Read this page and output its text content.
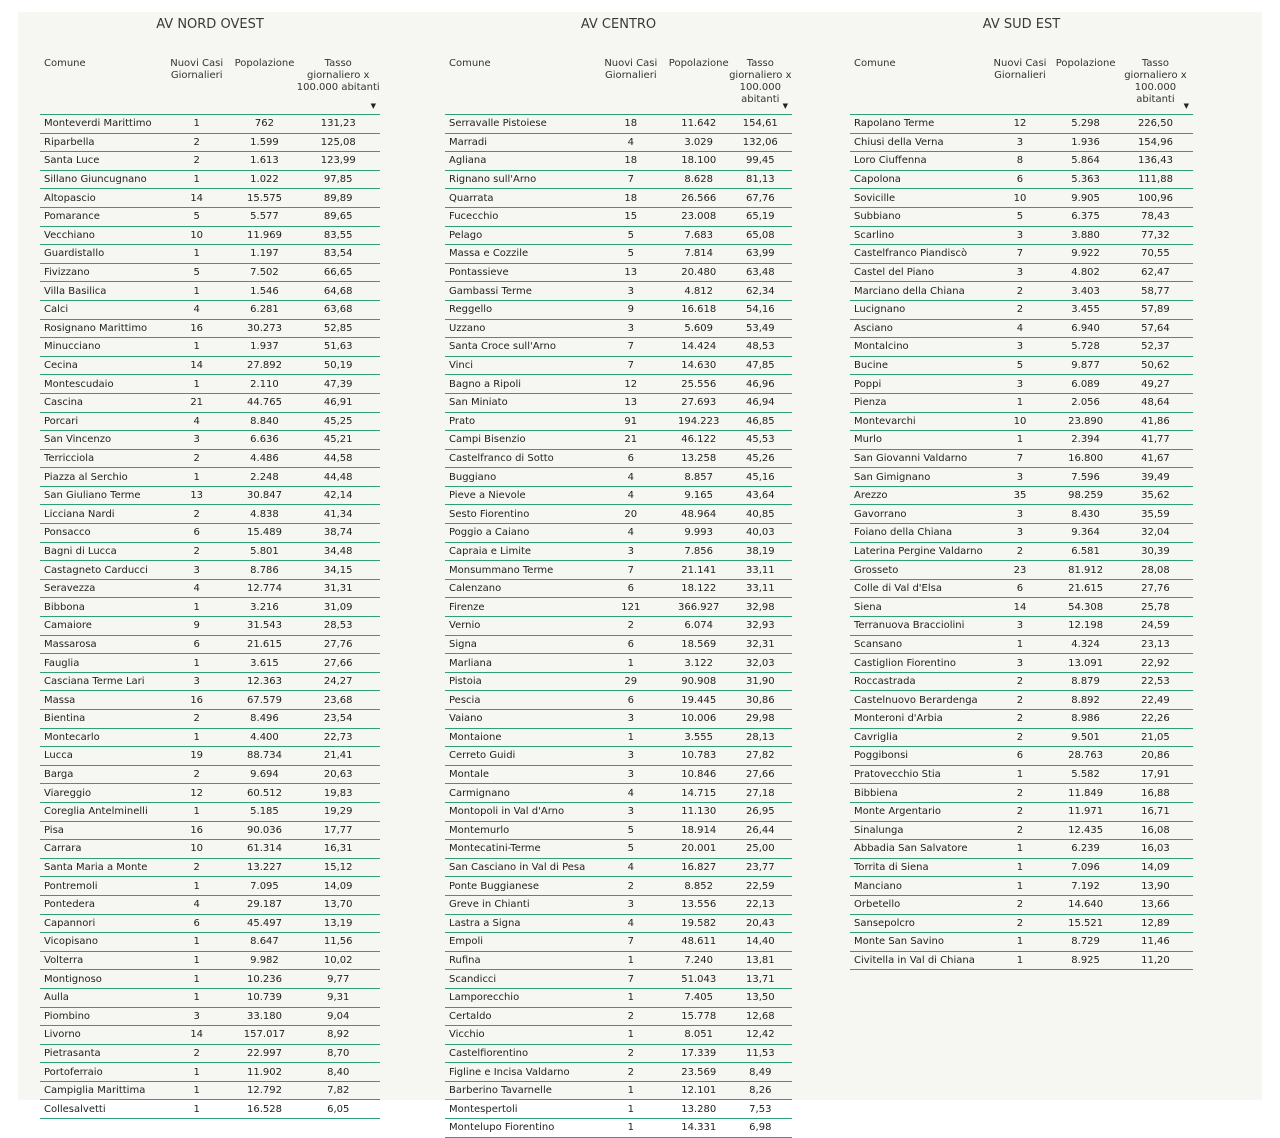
AV NORD OVEST
Comune	Nuovi Casi Giornalieri	Popolazione	Tasso giornaliero x 100.000 abitanti
▼

Monteverdi Marittimo	1	762	131,23
Riparbella	2	1.599	125,08
Santa Luce	2	1.613	123,99
Sillano Giuncugnano	1	1.022	97,85
Altopascio	14	15.575	89,89
Pomarance	5	5.577	89,65
Vecchiano	10	11.969	83,55
Guardistallo	1	1.197	83,54
Fivizzano	5	7.502	66,65
Villa Basilica	1	1.546	64,68
Calci	4	6.281	63,68
Rosignano Marittimo	16	30.273	52,85
Minucciano	1	1.937	51,63
Cecina	14	27.892	50,19
Montescudaio	1	2.110	47,39
Cascina	21	44.765	46,91
Porcari	4	8.840	45,25
San Vincenzo	3	6.636	45,21
Terricciola	2	4.486	44,58
Piazza al Serchio	1	2.248	44,48
San Giuliano Terme	13	30.847	42,14
Licciana Nardi	2	4.838	41,34
Ponsacco	6	15.489	38,74
Bagni di Lucca	2	5.801	34,48
Castagneto Carducci	3	8.786	34,15
Seravezza	4	12.774	31,31
Bibbona	1	3.216	31,09
Camaiore	9	31.543	28,53
Massarosa	6	21.615	27,76
Fauglia	1	3.615	27,66
Casciana Terme Lari	3	12.363	24,27
Massa	16	67.579	23,68
Bientina	2	8.496	23,54
Montecarlo	1	4.400	22,73
Lucca	19	88.734	21,41
Barga	2	9.694	20,63
Viareggio	12	60.512	19,83
Coreglia Antelminelli	1	5.185	19,29
Pisa	16	90.036	17,77
Carrara	10	61.314	16,31
Santa Maria a Monte	2	13.227	15,12
Pontremoli	1	7.095	14,09
Pontedera	4	29.187	13,70
Capannori	6	45.497	13,19
Vicopisano	1	8.647	11,56
Volterra	1	9.982	10,02
Montignoso	1	10.236	9,77
Aulla	1	10.739	9,31
Piombino	3	33.180	9,04
Livorno	14	157.017	8,92
Pietrasanta	2	22.997	8,70
Portoferraio	1	11.902	8,40
Campiglia Marittima	1	12.792	7,82
Collesalvetti	1	16.528	6,05
AV CENTRO
Comune	Nuovi Casi Giornalieri	Popolazione	Tasso giornaliero x 100.000 abitanti
▼

Serravalle Pistoiese	18	11.642	154,61
Marradi	4	3.029	132,06
Agliana	18	18.100	99,45
Rignano sull'Arno	7	8.628	81,13
Quarrata	18	26.566	67,76
Fucecchio	15	23.008	65,19
Pelago	5	7.683	65,08
Massa e Cozzile	5	7.814	63,99
Pontassieve	13	20.480	63,48
Gambassi Terme	3	4.812	62,34
Reggello	9	16.618	54,16
Uzzano	3	5.609	53,49
Santa Croce sull'Arno	7	14.424	48,53
Vinci	7	14.630	47,85
Bagno a Ripoli	12	25.556	46,96
San Miniato	13	27.693	46,94
Prato	91	194.223	46,85
Campi Bisenzio	21	46.122	45,53
Castelfranco di Sotto	6	13.258	45,26
Buggiano	4	8.857	45,16
Pieve a Nievole	4	9.165	43,64
Sesto Fiorentino	20	48.964	40,85
Poggio a Caiano	4	9.993	40,03
Capraia e Limite	3	7.856	38,19
Monsummano Terme	7	21.141	33,11
Calenzano	6	18.122	33,11
Firenze	121	366.927	32,98
Vernio	2	6.074	32,93
Signa	6	18.569	32,31
Marliana	1	3.122	32,03
Pistoia	29	90.908	31,90
Pescia	6	19.445	30,86
Vaiano	3	10.006	29,98
Montaione	1	3.555	28,13
Cerreto Guidi	3	10.783	27,82
Montale	3	10.846	27,66
Carmignano	4	14.715	27,18
Montopoli in Val d'Arno	3	11.130	26,95
Montemurlo	5	18.914	26,44
Montecatini-Terme	5	20.001	25,00
San Casciano in Val di Pesa	4	16.827	23,77
Ponte Buggianese	2	8.852	22,59
Greve in Chianti	3	13.556	22,13
Lastra a Signa	4	19.582	20,43
Empoli	7	48.611	14,40
Rufina	1	7.240	13,81
Scandicci	7	51.043	13,71
Lamporecchio	1	7.405	13,50
Certaldo	2	15.778	12,68
Vicchio	1	8.051	12,42
Castelfiorentino	2	17.339	11,53
Figline e Incisa Valdarno	2	23.569	8,49
Barberino Tavarnelle	1	12.101	8,26
Montespertoli	1	13.280	7,53
Montelupo Fiorentino	1	14.331	6,98
AV SUD EST
Comune	Nuovi Casi Giornalieri	Popolazione	Tasso giornaliero x 100.000 abitanti
▼

Rapolano Terme	12	5.298	226,50
Chiusi della Verna	3	1.936	154,96
Loro Ciuffenna	8	5.864	136,43
Capolona	6	5.363	111,88
Sovicille	10	9.905	100,96
Subbiano	5	6.375	78,43
Scarlino	3	3.880	77,32
Castelfranco Piandiscò	7	9.922	70,55
Castel del Piano	3	4.802	62,47
Marciano della Chiana	2	3.403	58,77
Lucignano	2	3.455	57,89
Asciano	4	6.940	57,64
Montalcino	3	5.728	52,37
Bucine	5	9.877	50,62
Poppi	3	6.089	49,27
Pienza	1	2.056	48,64
Montevarchi	10	23.890	41,86
Murlo	1	2.394	41,77
San Giovanni Valdarno	7	16.800	41,67
San Gimignano	3	7.596	39,49
Arezzo	35	98.259	35,62
Gavorrano	3	8.430	35,59
Foiano della Chiana	3	9.364	32,04
Laterina Pergine Valdarno	2	6.581	30,39
Grosseto	23	81.912	28,08
Colle di Val d'Elsa	6	21.615	27,76
Siena	14	54.308	25,78
Terranuova Bracciolini	3	12.198	24,59
Scansano	1	4.324	23,13
Castiglion Fiorentino	3	13.091	22,92
Roccastrada	2	8.879	22,53
Castelnuovo Berardenga	2	8.892	22,49
Monteroni d'Arbia	2	8.986	22,26
Cavriglia	2	9.501	21,05
Poggibonsi	6	28.763	20,86
Pratovecchio Stia	1	5.582	17,91
Bibbiena	2	11.849	16,88
Monte Argentario	2	11.971	16,71
Sinalunga	2	12.435	16,08
Abbadia San Salvatore	1	6.239	16,03
Torrita di Siena	1	7.096	14,09
Manciano	1	7.192	13,90
Orbetello	2	14.640	13,66
Sansepolcro	2	15.521	12,89
Monte San Savino	1	8.729	11,46
Civitella in Val di Chiana	1	8.925	11,20
